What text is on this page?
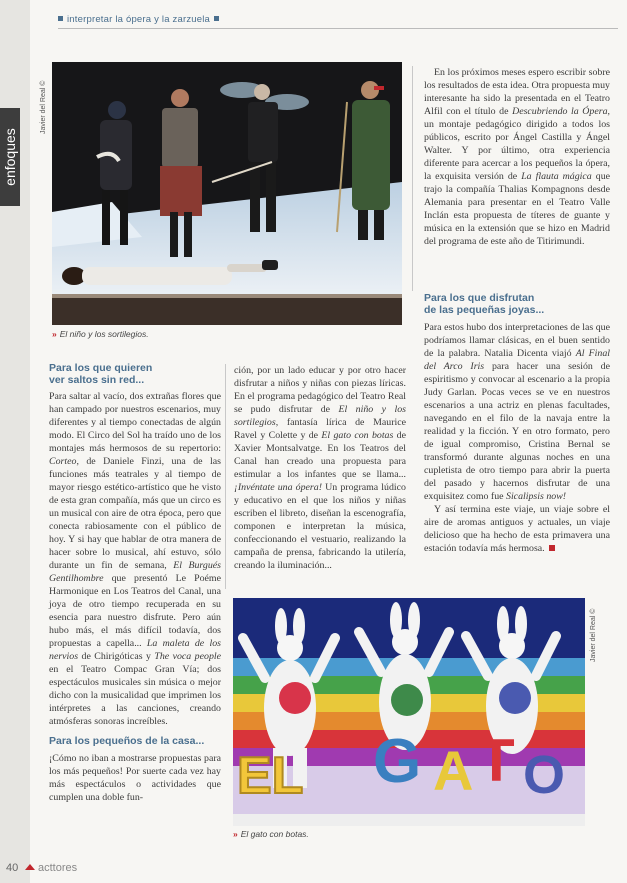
enfoques
interpretar la ópera y la zarzuela
Javier del Real ©
» El niño y los sortilegios.

En los próximos meses espero escribir sobre los resultados de esta idea. Otra propuesta muy interesante ha sido la presentada en el Teatro Alfil con el título de Descubriendo la Ópera, un montaje pedagógico dirigido a todos los públicos, escrito por Ángel Castilla y Ángel Walter. Y por último, otra experiencia diferente para acercar a los pequeños la ópera, la exquisita versión de La flauta mágica que trajo la compañía Thalias Kompagnons desde Alemania para presentar en el Teatro Valle Inclán esta propuesta de títeres de guante y música en la extensión que se hizo en Madrid del programa de este año de Titirimundi.

Para los que disfrutan
de las pequeñas joyas...

Para estos hubo dos interpretaciones de las que podríamos llamar clásicas, en el buen sentido de la palabra. Natalia Dicenta viajó Al Final del Arco Iris para hacer una sesión de espiritismo y convocar al escenario a la propia Judy Garlan. Pocas veces se ve en nuestros escenarios a una actriz en plenas facultades, navegando en el filo de la navaja entre la realidad y la ficción. Y en otro formato, pero de igual compromiso, Cristina Bernal se transformó durante algunas noches en una cupletista de otro tiempo para abrir la puerta del pasado y hacernos disfrutar de una exquisitez como fue Sicalipsis now!

Y así termina este viaje, un viaje sobre el aire de aromas antiguos y actuales, un viaje delicioso que ha hecho de esta primavera una estación todavía más hermosa.

Para los que quieren
ver saltos sin red...

Para saltar al vacío, dos extrañas flores que han campado por nuestros escenarios, muy diferentes y al tiempo conectadas de algún modo. El Circo del Sol ha traído uno de los montajes más hermosos de su repertorio: Corteo, de Daniele Finzi, una de las funciones más teatrales y al tiempo de mayor riesgo estético-artístico que he visto de esta gran compañía, más que un circo es un musical con aire de otra época, pero que conecta rabiosamente con el público de hoy. Y si hay que hablar de otra manera de hacer sobre lo musical, ahí estuvo, sólo durante un fin de semana, El Burgués Gentilhombre que presentó Le Poéme Harmonique en Los Teatros del Canal, una joya de otro tiempo recuperada en su esencia para nuestro disfrute. Pero aún hubo más, el más difícil todavía, dos propuestas a capella... La maleta de los nervios de Chirigóticas y The voca people en el Teatro Compac Gran Vía; dos espectáculos musicales sin música o mejor dicho con la musicalidad que imprimen los intérpretes a las canciones, creando atmósferas sonoras increíbles.

Para los pequeños de la casa...

¡Cómo no iban a mostrarse propuestas para los más pequeños! Por suerte cada vez hay más espectáculos o actividades que cumplen una doble fun-

ción, por un lado educar y por otro hacer disfrutar a niños y niñas con piezas líricas. En el programa pedagógico del Teatro Real se pudo disfrutar de El niño y los sortilegios, fantasía lírica de Maurice Ravel y Colette y de El gato con botas de Xavier Montsalvatge. En los Teatros del Canal han creado una propuesta para estimular a los infantes que se llama... ¡Invéntate una ópera! Un programa lúdico y educativo en el que los niños y niñas escriben el libreto, diseñan la escenografía, componen e interpretan la música, confeccionando el vestuario, realizando la campaña de prensa, fabricando la utilería, creando la iluminación...

EL G A T O
Javier del Real ©
» El gato con botas.
40 acttores
